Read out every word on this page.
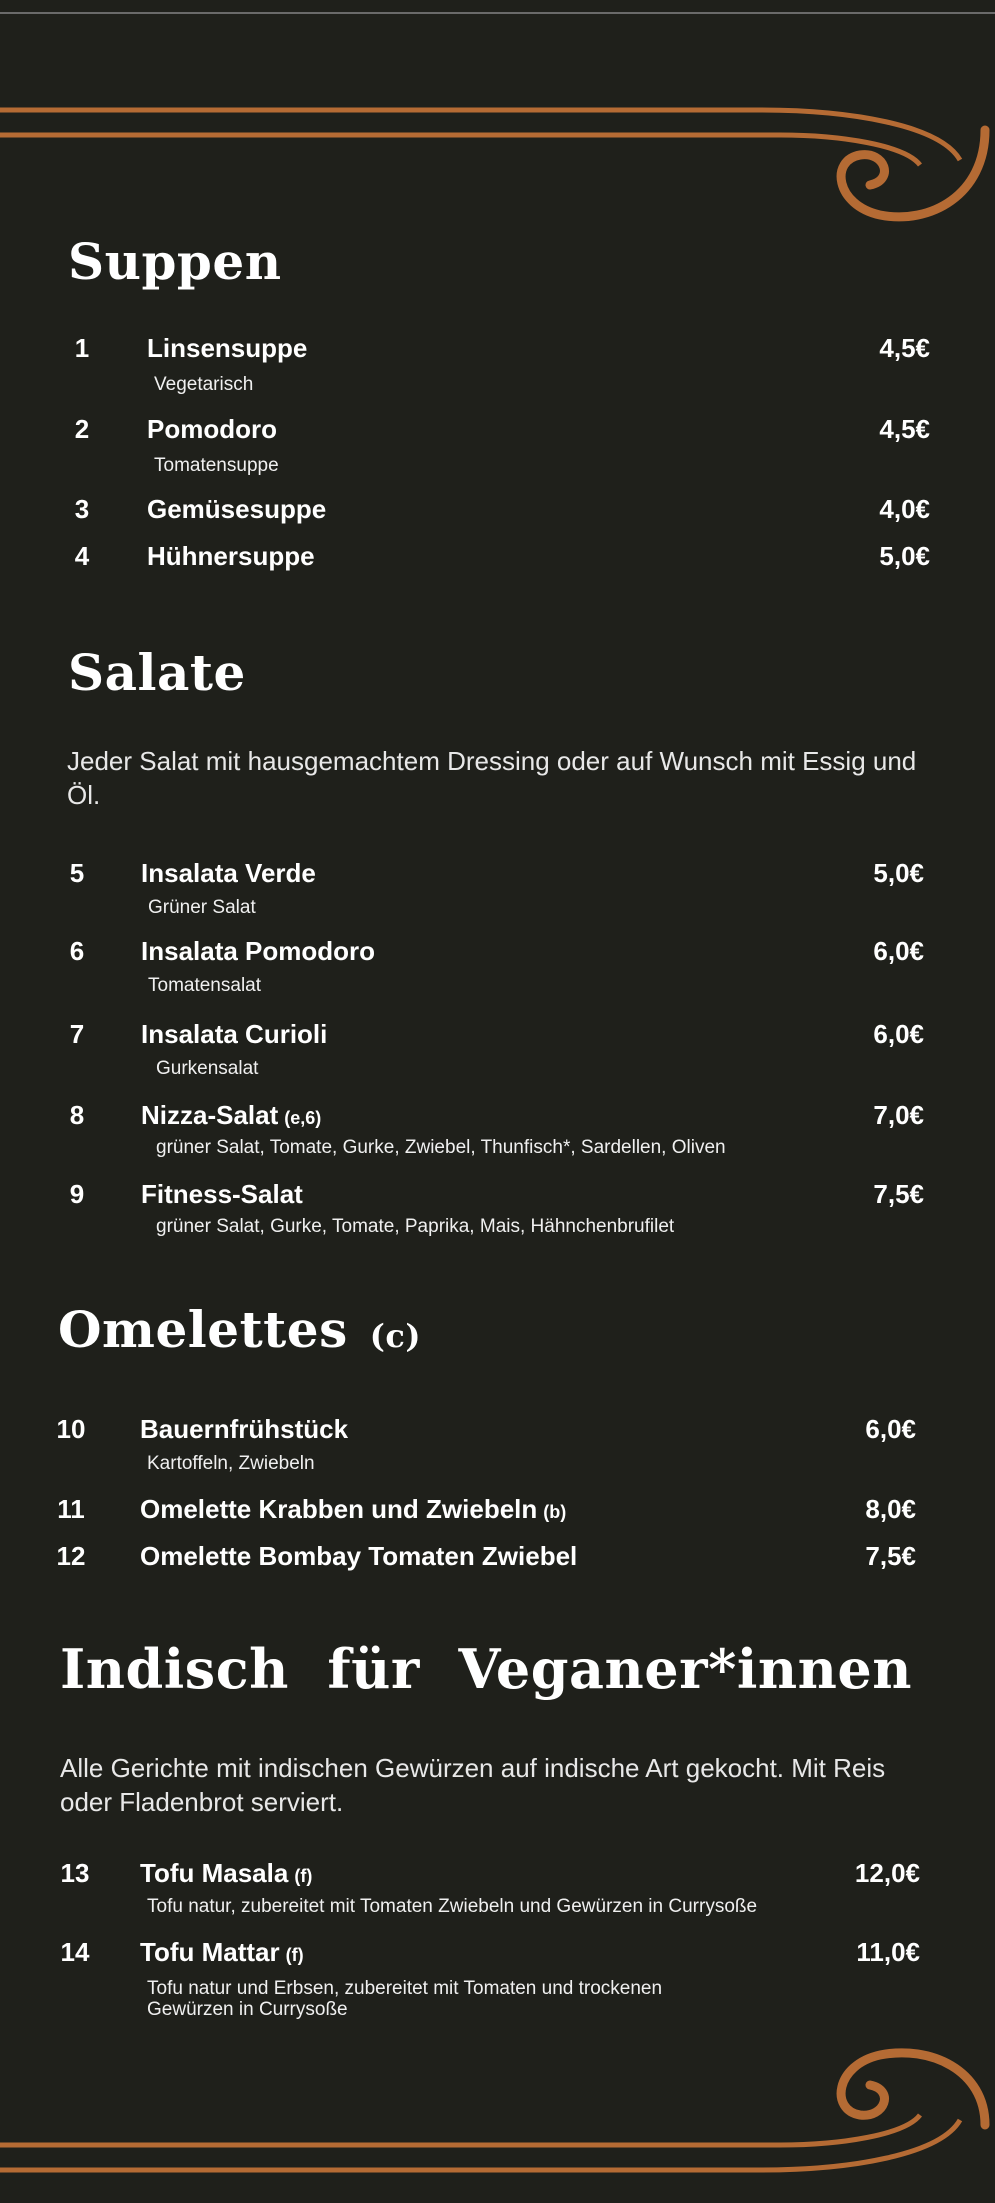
Suppen
1	Linsensuppe	4,5€
Vegetarisch
2	Pomodoro	4,5€
Tomatensuppe
3	Gemüsesuppe	4,0€
4	Hühnersuppe	5,0€
Salate
Jeder Salat mit hausgemachtem Dressing oder auf Wunsch mit Essig und Öl.
5	Insalata Verde	5,0€
Grüner Salat
6	Insalata Pomodoro	6,0€
Tomatensalat
7	Insalata Curioli	6,0€
Gurkensalat
8	Nizza-Salat (e,6)	7,0€
grüner Salat, Tomate, Gurke, Zwiebel, Thunfisch*, Sardellen, Oliven
9	Fitness-Salat	7,5€
grüner Salat, Gurke, Tomate, Paprika, Mais, Hähnchenbrufilet
Omelettes (c)
10	Bauernfrühstück	6,0€
Kartoffeln, Zwiebeln
11	Omelette Krabben und Zwiebeln (b)	8,0€
12	Omelette Bombay Tomaten Zwiebel	7,5€
Indisch  für  Veganer*innen
Alle Gerichte mit indischen Gewürzen auf indische Art gekocht. Mit Reis oder Fladenbrot serviert.
13	Tofu Masala (f)	12,0€
Tofu natur, zubereitet mit Tomaten Zwiebeln und Gewürzen in Currysoße
14	Tofu Mattar (f)	11,0€
Tofu natur und Erbsen, zubereitet mit Tomaten und trockenen
Gewürzen in Currysoße
